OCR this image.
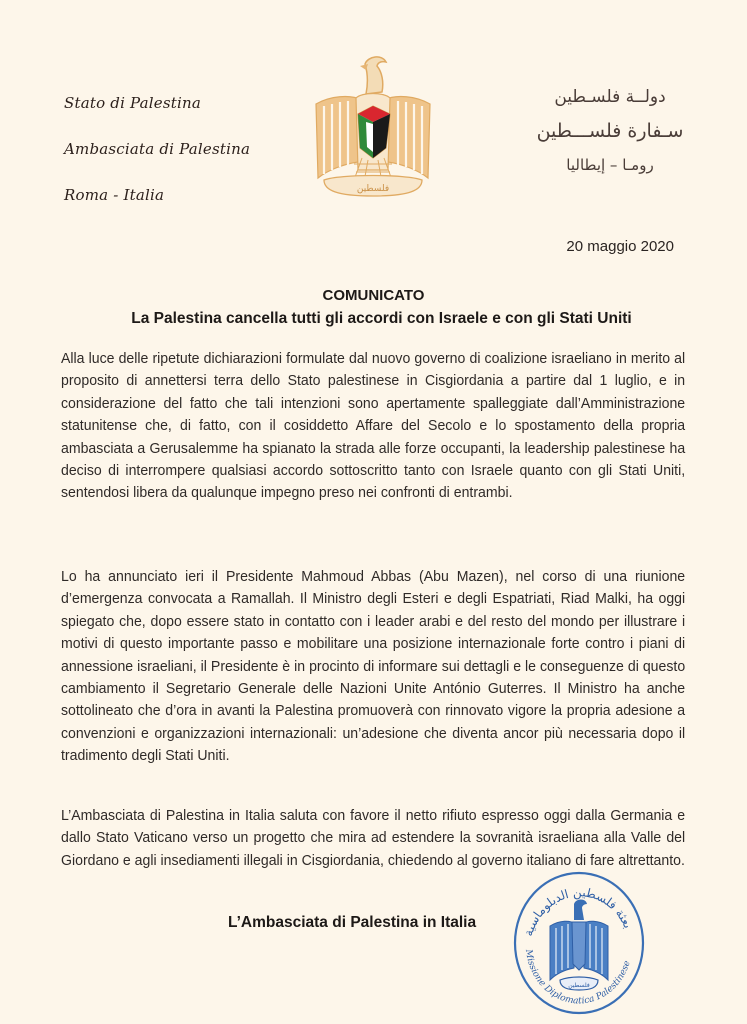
Stato di Palestina
Ambasciata di Palestina
Roma - Italia	فلسطين
دولــة فلسـطين
سـفارة فلســـطين
رومـا – إيطاليا
20 maggio 2020
COMUNICATO
La Palestina cancella tutti gli accordi con Israele e con gli Stati Uniti
Alla luce delle ripetute dichiarazioni formulate dal nuovo governo di coalizione israeliano in merito al proposito di annettersi terra dello Stato palestinese in Cisgiordania a partire dal 1 luglio, e in considerazione del fatto che tali intenzioni sono apertamente spalleggiate dall’Amministrazione statunitense che, di fatto, con il cosiddetto Affare del Secolo e lo spostamento della propria ambasciata a Gerusalemme ha spianato la strada alle forze occupanti, la leadership palestinese ha deciso di interrompere qualsiasi accordo sottoscritto tanto con Israele quanto con gli Stati Uniti, sentendosi libera da qualunque impegno preso nei confronti di entrambi.
Lo ha annunciato ieri il Presidente Mahmoud Abbas (Abu Mazen), nel corso di una riunione d’emergenza convocata a Ramallah. Il Ministro degli Esteri e degli Espatriati, Riad Malki, ha oggi spiegato che, dopo essere stato in contatto con i leader arabi e del resto del mondo per illustrare i motivi di questo importante passo e mobilitare una posizione internazionale forte contro i piani di annessione israeliani, il Presidente è in procinto di informare sui dettagli e le conseguenze di questo cambiamento il Segretario Generale delle Nazioni Unite António Guterres. Il Ministro ha anche sottolineato che d’ora in avanti la Palestina promuoverà con rinnovato vigore la propria adesione a convenzioni e organizzazioni internazionali: un’adesione che diventa ancor più necessaria dopo il tradimento degli Stati Uniti.
L’Ambasciata di Palestina in Italia saluta con favore il netto rifiuto espresso oggi dalla Germania e dallo Stato Vaticano verso un progetto che mira ad estendere la sovranità israeliana alla Valle del Giordano e agli insediamenti illegali in Cisgiordania, chiedendo al governo italiano di fare altrettanto.
L’Ambasciata di Palestina in Italia
بعثة فلسطين الدبلوماسية
Missione Diplomatica Palestinese
فلسطين
